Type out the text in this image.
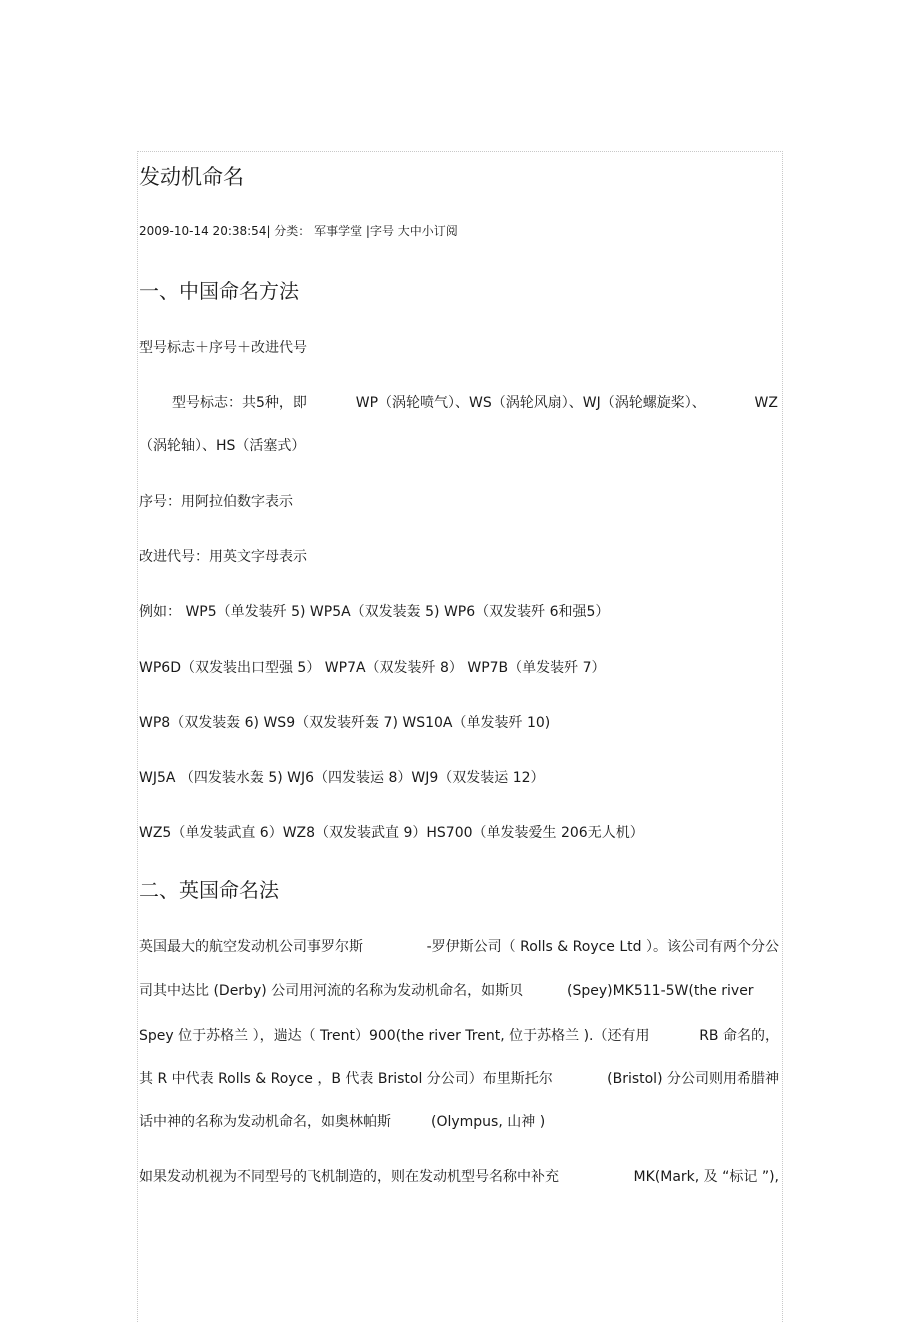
发动机命名
2009-10-14 20:38:54| 分类： 军事学堂 |字号 大中小订阅
一、中国命名方法
型号标志＋序号＋改进代号
型号标志：共5种，即	WP（涡轮喷气）、WS（涡轮风扇）、WJ（涡轮螺旋桨）、	WZ
（涡轮轴）、HS（活塞式）
序号：用阿拉伯数字表示
改进代号：用英文字母表示
例如： WP5（单发装歼 5) WP5A（双发装轰 5) WP6（双发装歼 6和强5）
WP6D（双发装出口型强 5） WP7A（双发装歼 8） WP7B（单发装歼 7）
WP8（双发装轰 6) WS9（双发装歼轰 7) WS10A（单发装歼 10)
WJ5A （四发装水轰 5) WJ6（四发装运 8）WJ9（双发装运 12）
WZ5（单发装武直 6）WZ8（双发装武直 9）HS700（单发装爱生 206无人机）
二、英国命名法
英国最大的航空发动机公司事罗尔斯	-罗伊斯公司（ Rolls & Royce Ltd ）。该公司有两个分公
司其中达比 (Derby) 公司用河流的名称为发动机命名，如斯贝	(Spey)MK511-5W(the river
Spey 位于苏格兰 ），遄达（ Trent）900(the river Trent, 位于苏格兰 ).（还有用	RB 命名的，
其 R 中代表 Rolls & Royce ，B 代表 Bristol 分公司）布里斯托尔	(Bristol) 分公司则用希腊神
话中神的名称为发动机命名，如奥林帕斯	(Olympus, 山神 )
如果发动机视为不同型号的飞机制造的，则在发动机型号名称中补充	MK(Mark, 及 “标记 ”),
